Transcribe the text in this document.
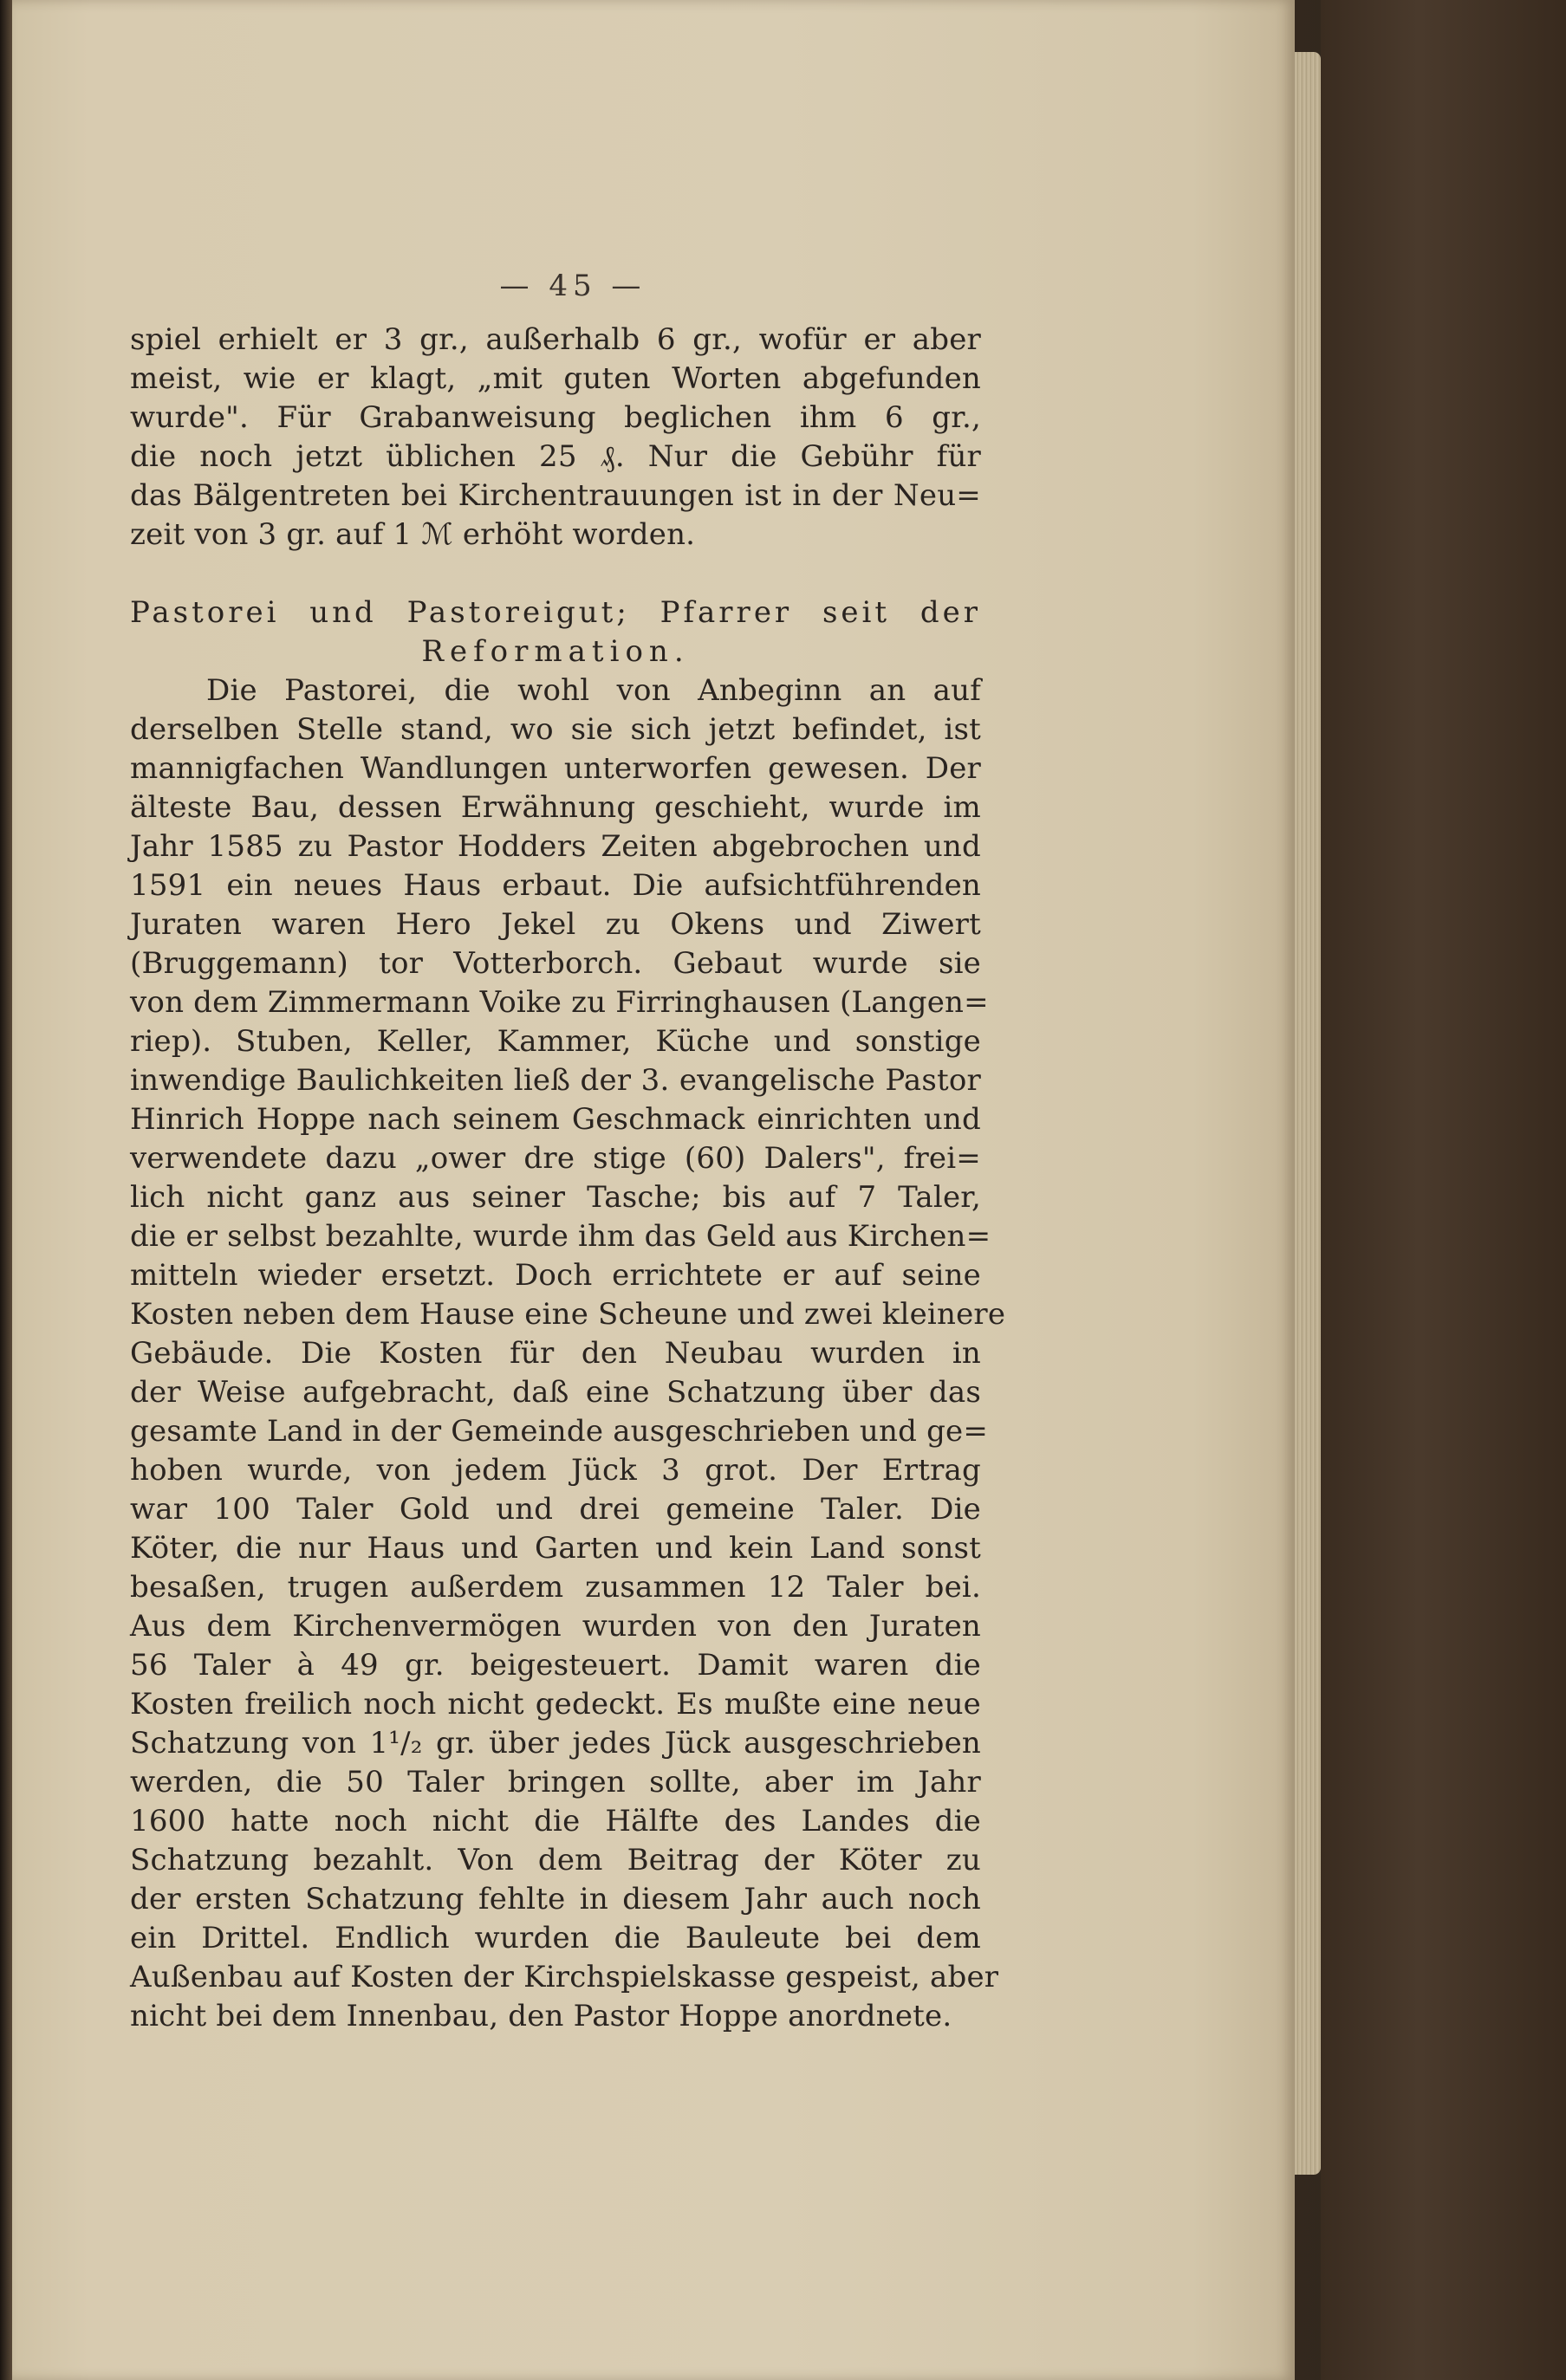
— 45 —
spiel erhielt er 3 gr., außerhalb 6 gr., wofür er aber
meist, wie er klagt, „mit guten Worten abgefunden
wurde". Für Grabanweisung beglichen ihm 6 gr.,
die noch jetzt üblichen 25 ₰. Nur die Gebühr für
das Bälgentreten bei Kirchentrauungen ist in der Neu=
zeit von 3 gr. auf 1 ℳ erhöht worden.
Pastorei und Pastoreigut; Pfarrer seit der
Reformation.
Die Pastorei, die wohl von Anbeginn an auf
derselben Stelle stand, wo sie sich jetzt befindet, ist
mannigfachen Wandlungen unterworfen gewesen. Der
älteste Bau, dessen Erwähnung geschieht, wurde im
Jahr 1585 zu Pastor Hodders Zeiten abgebrochen und
1591 ein neues Haus erbaut. Die aufsichtführenden
Juraten waren Hero Jekel zu Okens und Ziwert
(Bruggemann) tor Votterborch. Gebaut wurde sie
von dem Zimmermann Voike zu Firringhausen (Langen=
riep). Stuben, Keller, Kammer, Küche und sonstige
inwendige Baulichkeiten ließ der 3. evangelische Pastor
Hinrich Hoppe nach seinem Geschmack einrichten und
verwendete dazu „ower dre stige (60) Dalers", frei=
lich nicht ganz aus seiner Tasche; bis auf 7 Taler,
die er selbst bezahlte, wurde ihm das Geld aus Kirchen=
mitteln wieder ersetzt. Doch errichtete er auf seine
Kosten neben dem Hause eine Scheune und zwei kleinere
Gebäude. Die Kosten für den Neubau wurden in
der Weise aufgebracht, daß eine Schatzung über das
gesamte Land in der Gemeinde ausgeschrieben und ge=
hoben wurde, von jedem Jück 3 grot. Der Ertrag
war 100 Taler Gold und drei gemeine Taler. Die
Köter, die nur Haus und Garten und kein Land sonst
besaßen, trugen außerdem zusammen 12 Taler bei.
Aus dem Kirchenvermögen wurden von den Juraten
56 Taler à 49 gr. beigesteuert. Damit waren die
Kosten freilich noch nicht gedeckt. Es mußte eine neue
Schatzung von 1¹/₂ gr. über jedes Jück ausgeschrieben
werden, die 50 Taler bringen sollte, aber im Jahr
1600 hatte noch nicht die Hälfte des Landes die
Schatzung bezahlt. Von dem Beitrag der Köter zu
der ersten Schatzung fehlte in diesem Jahr auch noch
ein Drittel. Endlich wurden die Bauleute bei dem
Außenbau auf Kosten der Kirchspielskasse gespeist, aber
nicht bei dem Innenbau, den Pastor Hoppe anordnete.
